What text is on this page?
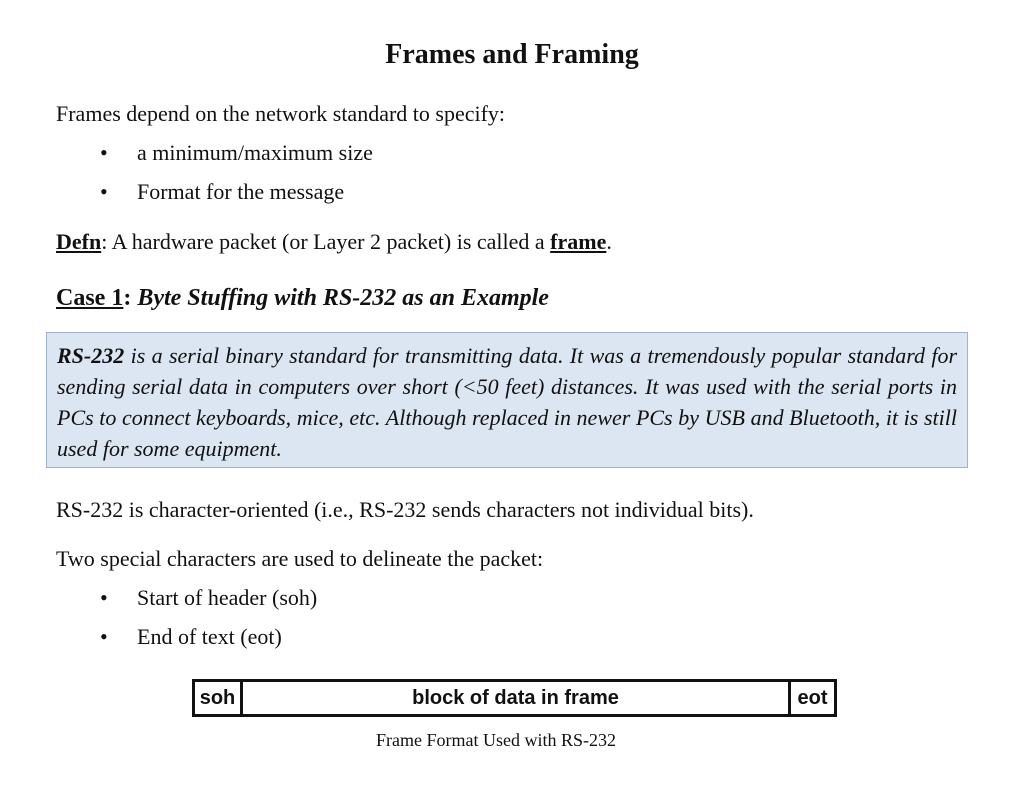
Frames and Framing
Frames depend on the network standard to specify:
• a minimum/maximum size
• Format for the message
Defn: A hardware packet (or Layer 2 packet) is called a frame.
Case 1: Byte Stuffing with RS-232 as an Example

RS-232 is a serial binary standard for transmitting data. It was a tremendously popular standard for sending serial data in computers over short (<50 feet) distances. It was used with the serial ports in PCs to connect keyboards, mice, etc. Although replaced in newer PCs by USB and Bluetooth, it is still used for some equipment.

RS-232 is character-oriented (i.e., RS-232 sends characters not individual bits).
Two special characters are used to delineate the packet:
• Start of header (soh)
• End of text (eot)
soh	block of data in frame	eot
Frame Format Used with RS-232
